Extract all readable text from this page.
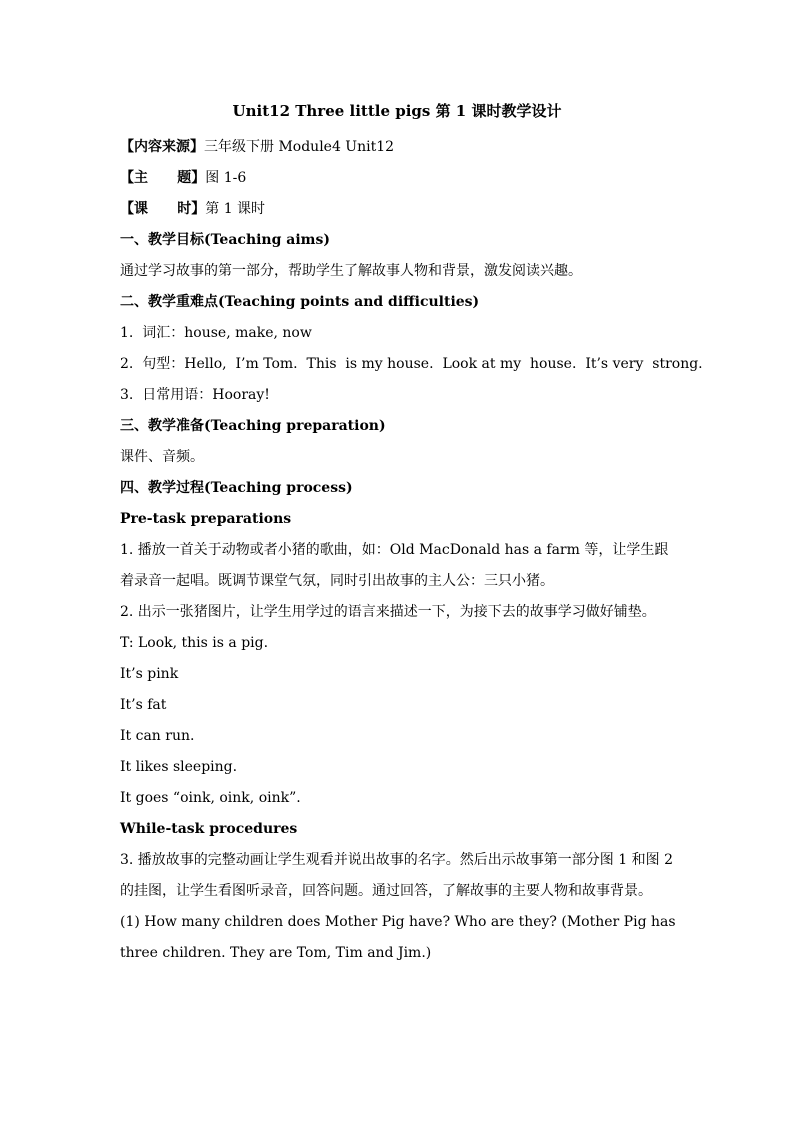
Unit12 Three little pigs 第 1 课时教学设计
【内容来源】三年级下册 Module4 Unit12
【主      题】图 1-6
【课      时】第 1 课时
一、教学目标(Teaching aims)
通过学习故事的第一部分，帮助学生了解故事人物和背景，激发阅读兴趣。
二、教学重难点(Teaching points and difficulties)
1.  词汇：house, make, now
2.  句型：Hello,  I’m Tom.  This  is my house.  Look at my  house.  It’s very  strong.
3.  日常用语：Hooray!
三、教学准备(Teaching preparation)
课件、音频。
四、教学过程(Teaching process)
Pre-task preparations
1. 播放一首关于动物或者小猪的歌曲，如：Old MacDonald has a farm 等，让学生跟着录音一起唱。既调节课堂气氛，同时引出故事的主人公：三只小猪。
2. 出示一张猪图片，让学生用学过的语言来描述一下，为接下去的故事学习做好铺垫。
T: Look, this is a pig.
It’s pink
It’s fat
It can run.
It likes sleeping.
It goes “oink, oink, oink”.
While-task procedures
3. 播放故事的完整动画让学生观看并说出故事的名字。然后出示故事第一部分图 1 和图 2 的挂图，让学生看图听录音，回答问题。通过回答，了解故事的主要人物和故事背景。
(1) How many children does Mother Pig have? Who are they? (Mother Pig has three children. They are Tom, Tim and Jim.)
